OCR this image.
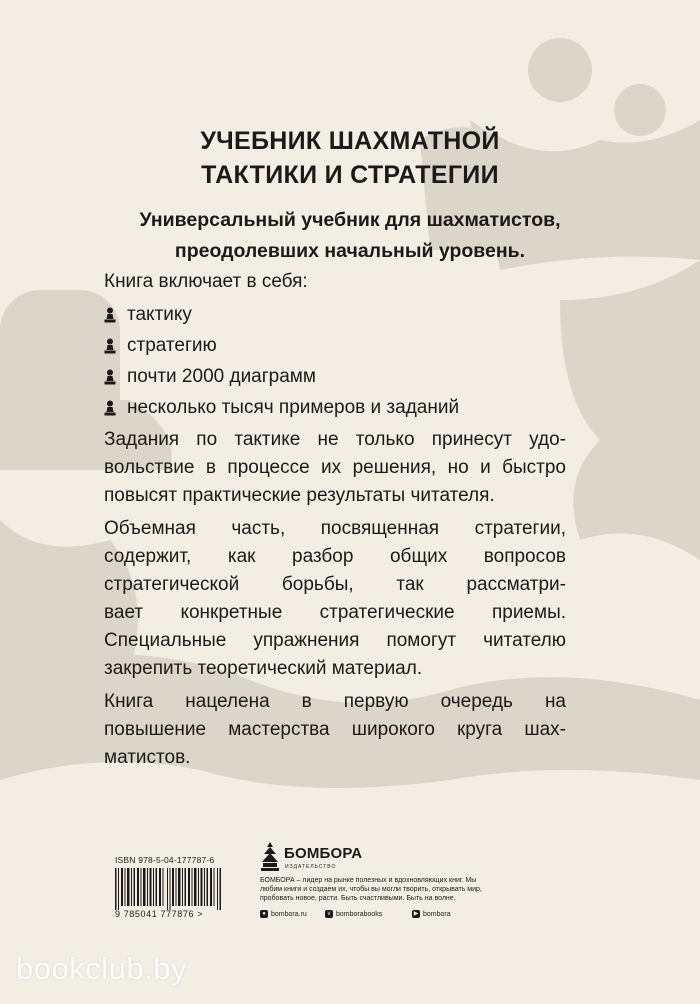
УЧЕБНИК ШАХМАТНОЙ
ТАКТИКИ И СТРАТЕГИИ
Универсальный учебник для шахматистов,
преодолевших начальный уровень.
Книга включает в себя:
тактику
стратегию
почти 2000 диаграмм
несколько тысяч примеров и заданий
Задания по тактике не только принесут удо-
вольствие в процессе их решения, но и быстро
повысят практические результаты читателя.
Объемная часть, посвященная стратегии,
содержит, как разбор общих вопросов
стратегической борьбы, так рассматри-
вает конкретные стратегические приемы.
Специальные упражнения помогут читателю
закрепить теоретический материал.
Книга нацелена в первую очередь на
повышение мастерства широкого круга шах-
матистов.
ISBN 978-5-04-177787-6
9 785041 777876 >
БОМБОРА
ИЗДАТЕЛЬСТВО
БОМБОРА – лидер на рынке полезных и вдохновляющих книг. Мы любим книги и создаем их, чтобы вы могли творить, открывать мир, пробовать новое, расти. Быть счастливыми. Быть на волне.
● bombora.ru	v bomborabooks	▶ bombora
bookclub.by
